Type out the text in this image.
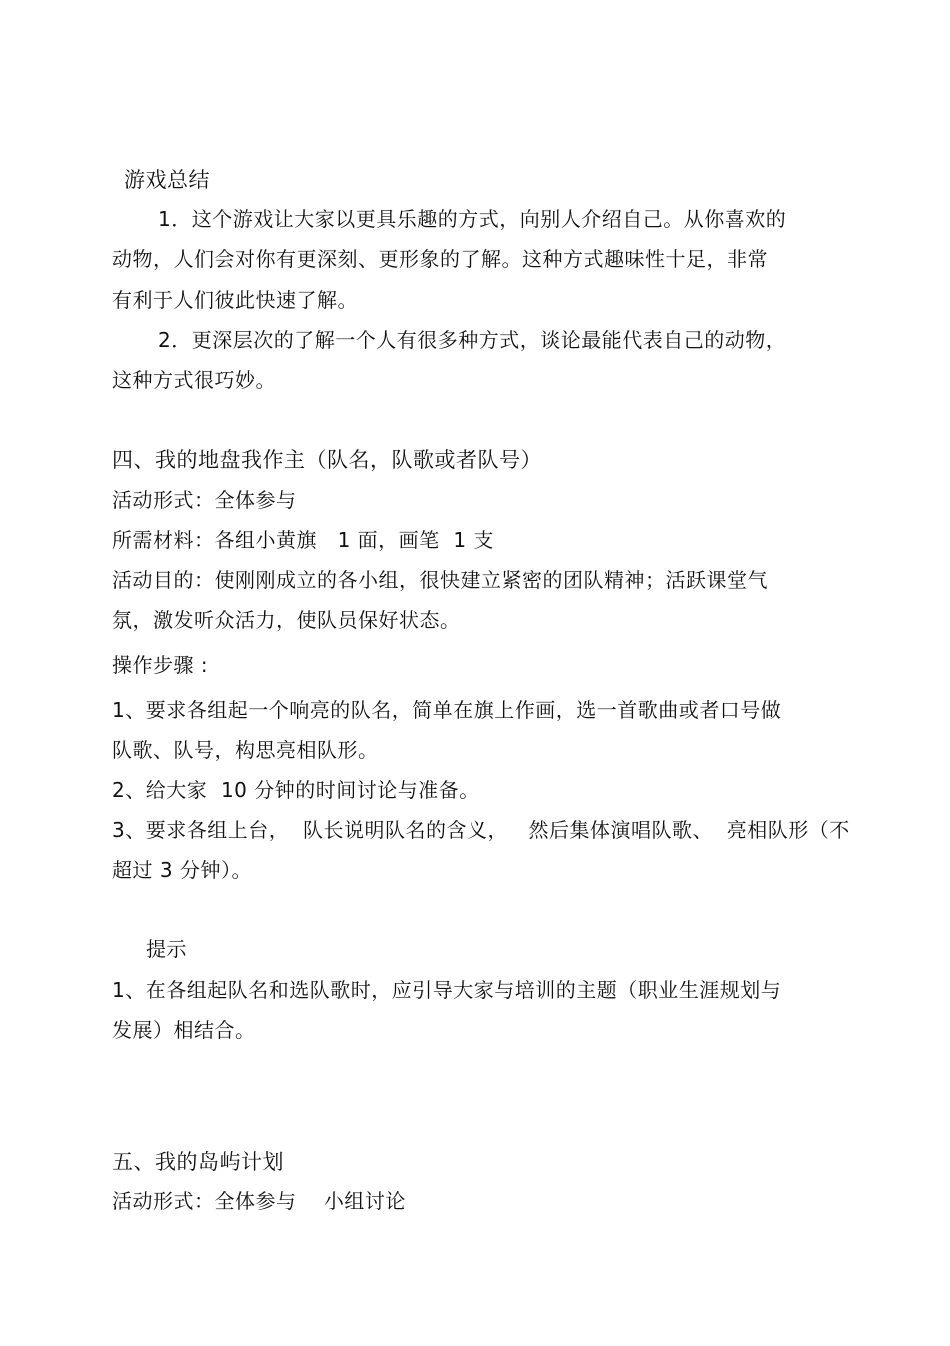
游戏总结
1．这个游戏让大家以更具乐趣的方式，向别人介绍自己。从你喜欢的
动物，人们会对你有更深刻、更形象的了解。这种方式趣味性十足，非常
有利于人们彼此快速了解。
2．更深层次的了解一个人有很多种方式，谈论最能代表自己的动物，
这种方式很巧妙。
四、我的地盘我作主（队名，队歌或者队号）
活动形式：全体参与
所需材料：各组小黄旗   1 面，画笔  1 支
活动目的：使刚刚成立的各小组，很快建立紧密的团队精神；活跃课堂气
氛，激发听众活力，使队员保好状态。
操作步骤 :
1、要求各组起一个响亮的队名，简单在旗上作画，选一首歌曲或者口号做
队歌、队号，构思亮相队形。
2、给大家  10 分钟的时间讨论与准备。
3、要求各组上台，  队长说明队名的含义，   然后集体演唱队歌、  亮相队形（不
超过 3 分钟）。
提示
1、在各组起队名和选队歌时，应引导大家与培训的主题（职业生涯规划与
发展）相结合。
五、我的岛屿计划
活动形式：全体参与    小组讨论
